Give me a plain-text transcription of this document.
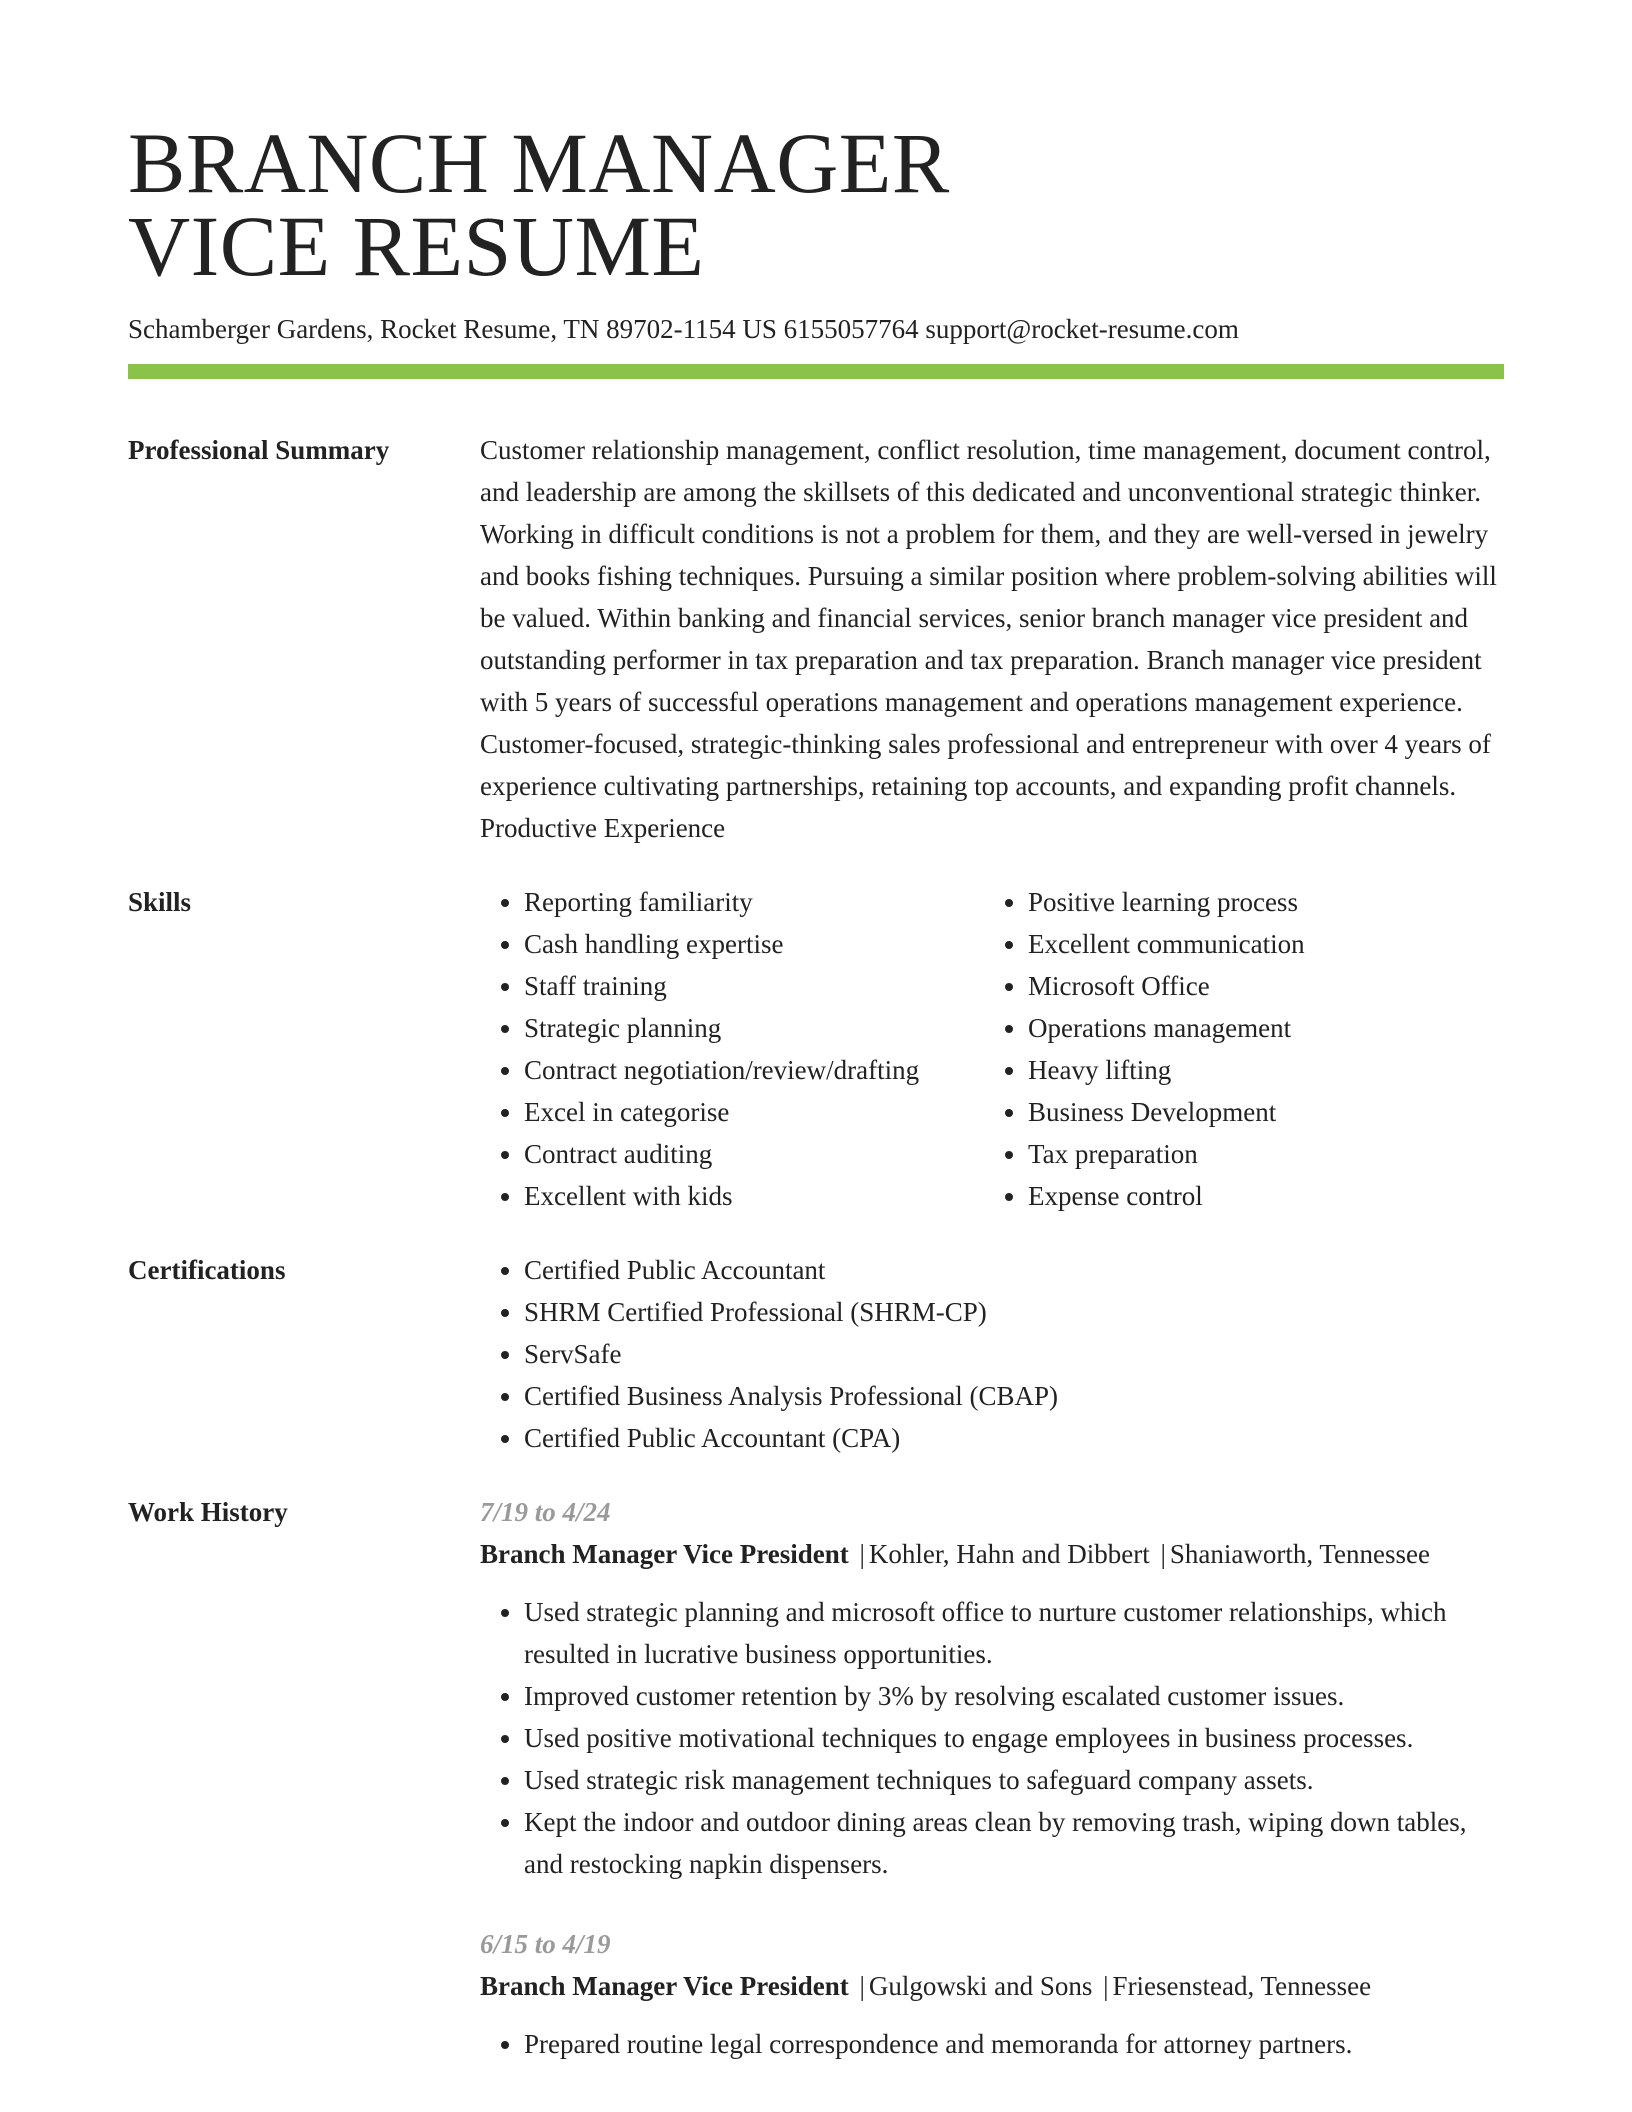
BRANCH MANAGER
VICE RESUME
Schamberger Gardens, Rocket Resume, TN 89702-1154 US 6155057764 support@rocket-resume.com
Professional Summary	Customer relationship management, conflict resolution, time management, document control, and leadership are among the skillsets of this dedicated and unconventional strategic thinker. Working in difficult conditions is not a problem for them, and they are well-versed in jewelry and books fishing techniques. Pursuing a similar position where problem-solving abilities will be valued. Within banking and financial services, senior branch manager vice president and outstanding performer in tax preparation and tax preparation. Branch manager vice president with 5 years of successful operations management and operations management experience. Customer-focused, strategic-thinking sales professional and entrepreneur with over 4 years of experience cultivating partnerships, retaining top accounts, and expanding profit channels. Productive Experience

Skills	• Reporting familiarity
• Cash handling expertise
• Staff training
• Strategic planning
• Contract negotiation/review/drafting
• Excel in categorise
• Contract auditing
• Excellent with kids
• Positive learning process
• Excellent communication
• Microsoft Office
• Operations management
• Heavy lifting
• Business Development
• Tax preparation
• Expense control
Certifications	• Certified Public Accountant
• SHRM Certified Professional (SHRM-CP)
• ServSafe
• Certified Business Analysis Professional (CBAP)
• Certified Public Accountant (CPA)
Work History	7/19 to 4/24
Branch Manager Vice President | Kohler, Hahn and Dibbert | Shaniaworth, Tennessee
• Used strategic planning and microsoft office to nurture customer relationships, which resulted in lucrative business opportunities.
• Improved customer retention by 3% by resolving escalated customer issues.
• Used positive motivational techniques to engage employees in business processes.
• Used strategic risk management techniques to safeguard company assets.
• Kept the indoor and outdoor dining areas clean by removing trash, wiping down tables, and restocking napkin dispensers.
6/15 to 4/19
Branch Manager Vice President | Gulgowski and Sons | Friesenstead, Tennessee
• Prepared routine legal correspondence and memoranda for attorney partners.
